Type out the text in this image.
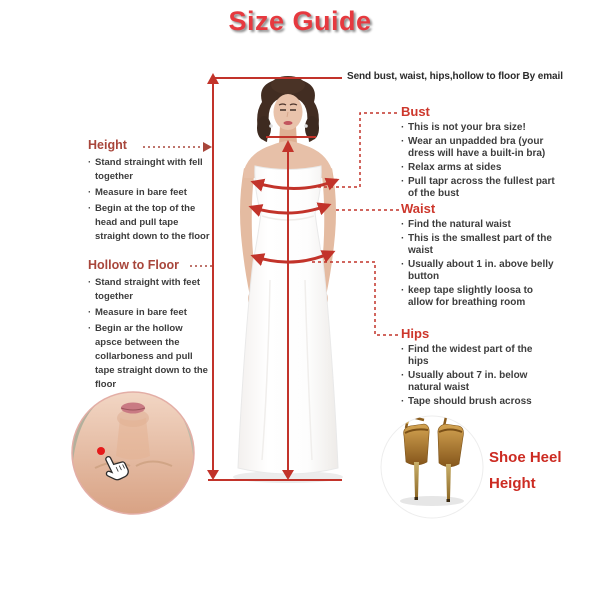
Size Guide
Send bust, waist, hips,hollow to floor By email
Height
· Stand strainght with fell together
· Measure in bare feet
· Begin at the top of the head and pull tape straight down to the floor
Hollow to Floor
· Stand straight with feet together
· Measure in bare feet
· Begin ar the hollow apsce between the collarboness and pull tape straight down to the floor
Bust
· This is not your bra size!
· Wear an unpadded bra (your dress will have a built-in bra)
· Relax arms at sides
· Pull tapr across the fullest part of the bust
Waist
· Find the natural waist
· This is the smallest part of the waist
· Usually about 1 in. above belly button
· keep tape slightly loosa to allow for breathing room
Hips
· Find the widest part of the hips
· Usually about 7 in. below natural waist
· Tape should brush across
Shoe Heel
Height
